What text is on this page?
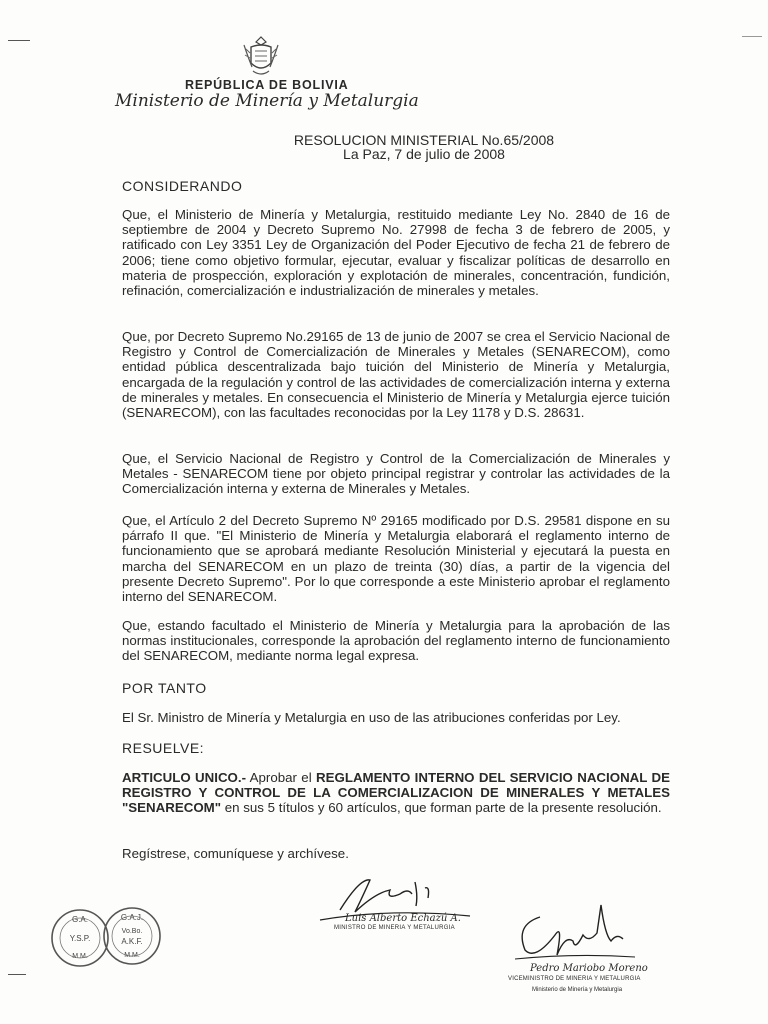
REPÚBLICA DE BOLIVIA
Ministerio de Minería y Metalurgia
RESOLUCION MINISTERIAL No.65/2008
La Paz, 7 de julio de 2008
CONSIDERANDO
Que, el Ministerio de Minería y Metalurgia, restituido mediante Ley No. 2840 de 16 de septiembre de 2004 y Decreto Supremo No. 27998 de fecha 3 de febrero de 2005, y ratificado con Ley 3351 Ley de Organización del Poder Ejecutivo de fecha 21 de febrero de 2006; tiene como objetivo formular, ejecutar, evaluar y fiscalizar políticas de desarrollo en materia de prospección, exploración y explotación de minerales, concentración, fundición, refinación, comercialización e industrialización de minerales y metales.
Que, por Decreto Supremo No.29165 de 13 de junio de 2007 se crea el Servicio Nacional de Registro y Control de Comercialización de Minerales y Metales (SENARECOM), como entidad pública descentralizada bajo tuición del Ministerio de Minería y Metalurgia, encargada de la regulación y control de las actividades de comercialización interna y externa de minerales y metales. En consecuencia el Ministerio de Minería y Metalurgia ejerce tuición (SENARECOM), con las facultades reconocidas por la Ley 1178 y D.S. 28631.
Que, el Servicio Nacional de Registro y Control de la Comercialización de Minerales y Metales - SENARECOM tiene por objeto principal registrar y controlar las actividades de la Comercialización interna y externa de Minerales y Metales.
Que, el Artículo 2 del Decreto Supremo Nº 29165 modificado por D.S. 29581 dispone en su párrafo II que. "El Ministerio de Minería y Metalurgia elaborará el reglamento interno de funcionamiento que se aprobará mediante Resolución Ministerial y ejecutará la puesta en marcha del SENARECOM en un plazo de treinta (30) días, a partir de la vigencia del presente Decreto Supremo". Por lo que corresponde a este Ministerio aprobar el reglamento interno del SENARECOM.
Que, estando facultado el Ministerio de Minería y Metalurgia para la aprobación de las normas institucionales, corresponde la aprobación del reglamento interno de funcionamiento del SENARECOM, mediante norma legal expresa.
POR TANTO
El Sr. Ministro de Minería y Metalurgia en uso de las atribuciones conferidas por Ley.
RESUELVE:
ARTICULO UNICO.- Aprobar el REGLAMENTO INTERNO DEL SERVICIO NACIONAL DE REGISTRO Y CONTROL DE LA COMERCIALIZACION DE MINERALES Y METALES "SENARECOM" en sus 5 títulos y 60 artículos, que forman parte de la presente resolución.
Regístrese, comuníquese y archívese.
G.A.
Y.S.P.
M.M.
G.A.J.
Vo.Bo.
A.K.F.
M.M.
Luis Alberto Echazú A.
MINISTRO DE MINERIA Y METALURGIA
Pedro Mariobo Moreno
VICEMINISTRO DE MINERIA Y METALURGIA
Ministerio de Minería y Metalurgia
